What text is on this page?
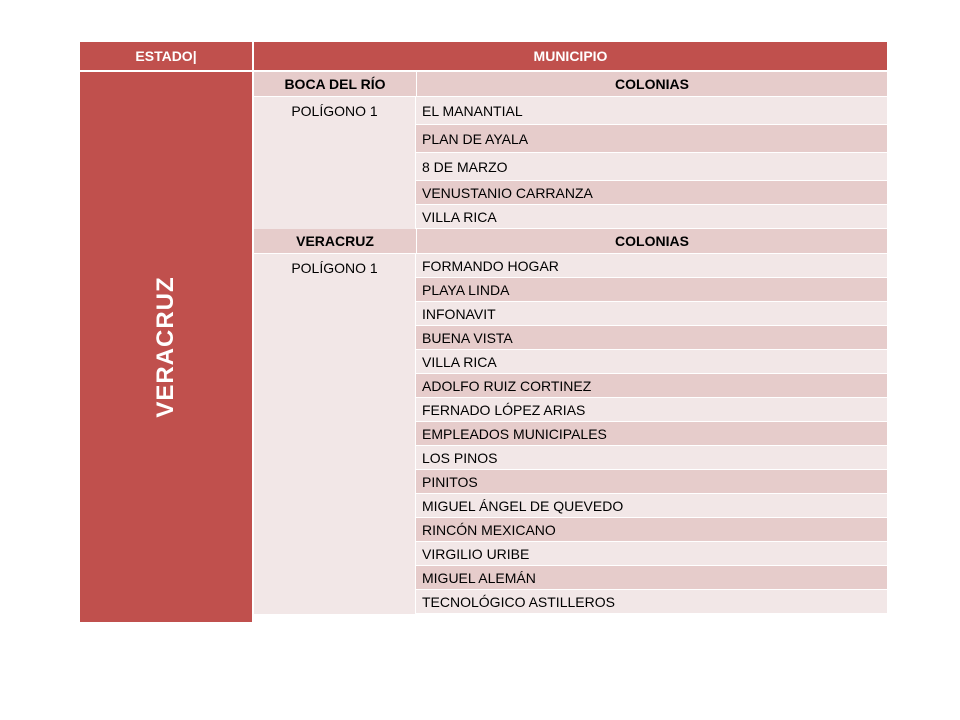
ESTADO|	MUNICIPIO
VERACRUZ
BOCA DEL RÍO	COLONIAS
POLÍGONO 1	EL MANANTIAL
PLAN DE AYALA
8 DE MARZO
VENUSTANIO CARRANZA
VILLA RICA
VERACRUZ	COLONIAS
POLÍGONO 1	FORMANDO HOGAR
PLAYA LINDA
INFONAVIT
BUENA VISTA
VILLA RICA
ADOLFO RUIZ CORTINEZ
FERNADO LÓPEZ ARIAS
EMPLEADOS MUNICIPALES
LOS PINOS
PINITOS
MIGUEL ÁNGEL DE QUEVEDO
RINCÓN MEXICANO
VIRGILIO URIBE
MIGUEL ALEMÁN
TECNOLÓGICO ASTILLEROS
